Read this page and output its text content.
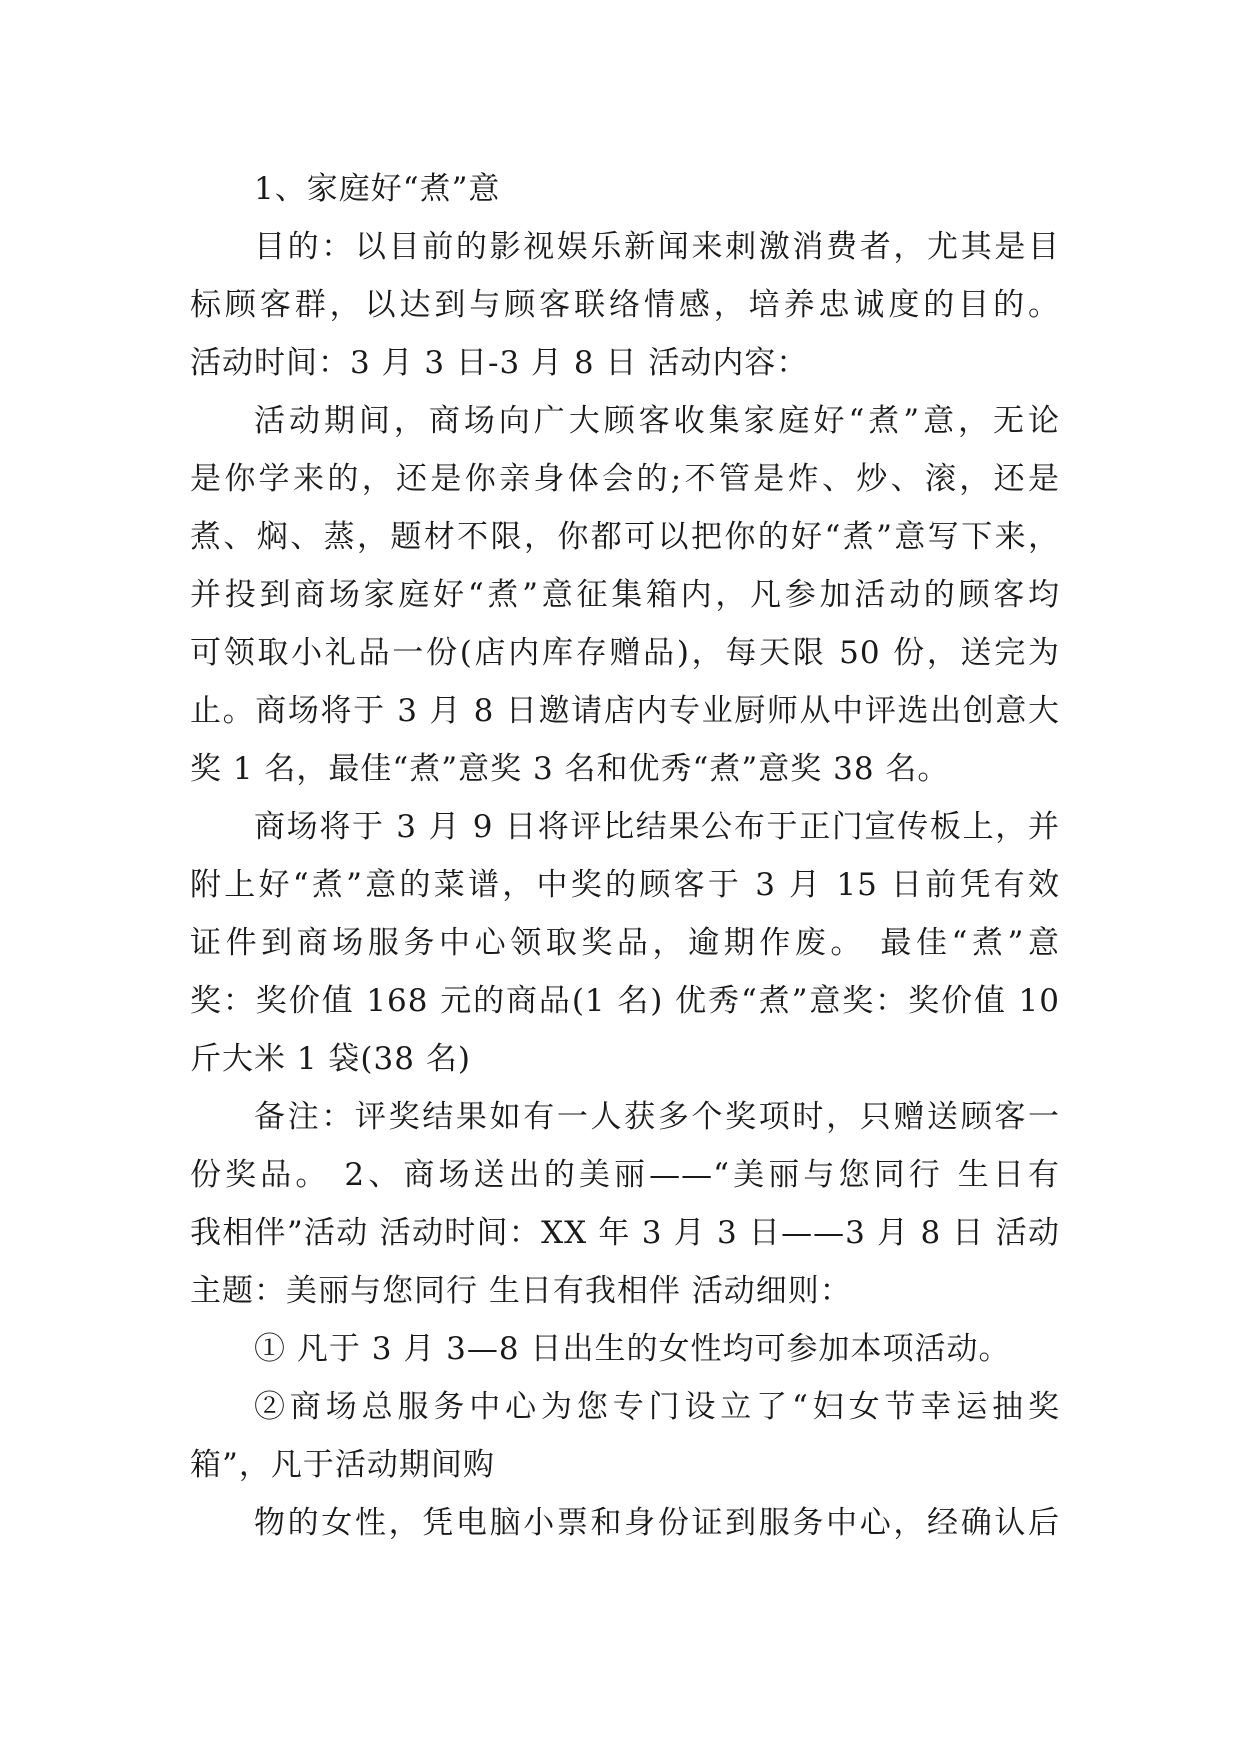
1、家庭好“煮”意
目的：以目前的影视娱乐新闻来刺激消费者，尤其是目
标顾客群，以达到与顾客联络情感，培养忠诚度的目的。
活动时间：3 月 3 日-3 月 8 日 活动内容：
活动期间，商场向广大顾客收集家庭好“煮”意，无论
是你学来的，还是你亲身体会的;不管是炸、炒、滚，还是
煮、焖、蒸，题材不限，你都可以把你的好“煮”意写下来，
并投到商场家庭好“煮”意征集箱内，凡参加活动的顾客均
可领取小礼品一份(店内库存赠品)，每天限 50 份，送完为
止。商场将于 3 月 8 日邀请店内专业厨师从中评选出创意大
奖 1 名，最佳“煮”意奖 3 名和优秀“煮”意奖 38 名。
商场将于 3 月 9 日将评比结果公布于正门宣传板上，并
附上好“煮”意的菜谱，中奖的顾客于 3 月 15 日前凭有效
证件到商场服务中心领取奖品，逾期作废。 最佳“煮”意
奖：奖价值 168 元的商品(1 名) 优秀“煮”意奖：奖价值 10
斤大米 1 袋(38 名)
备注：评奖结果如有一人获多个奖项时，只赠送顾客一
份奖品。 2、商场送出的美丽——“美丽与您同行 生日有
我相伴”活动 活动时间：XX 年 3 月 3 日——3 月 8 日 活动
主题：美丽与您同行 生日有我相伴 活动细则：
① 凡于 3 月 3—8 日出生的女性均可参加本项活动。
②商场总服务中心为您专门设立了“妇女节幸运抽奖
箱”，凡于活动期间购
物的女性，凭电脑小票和身份证到服务中心，经确认后
